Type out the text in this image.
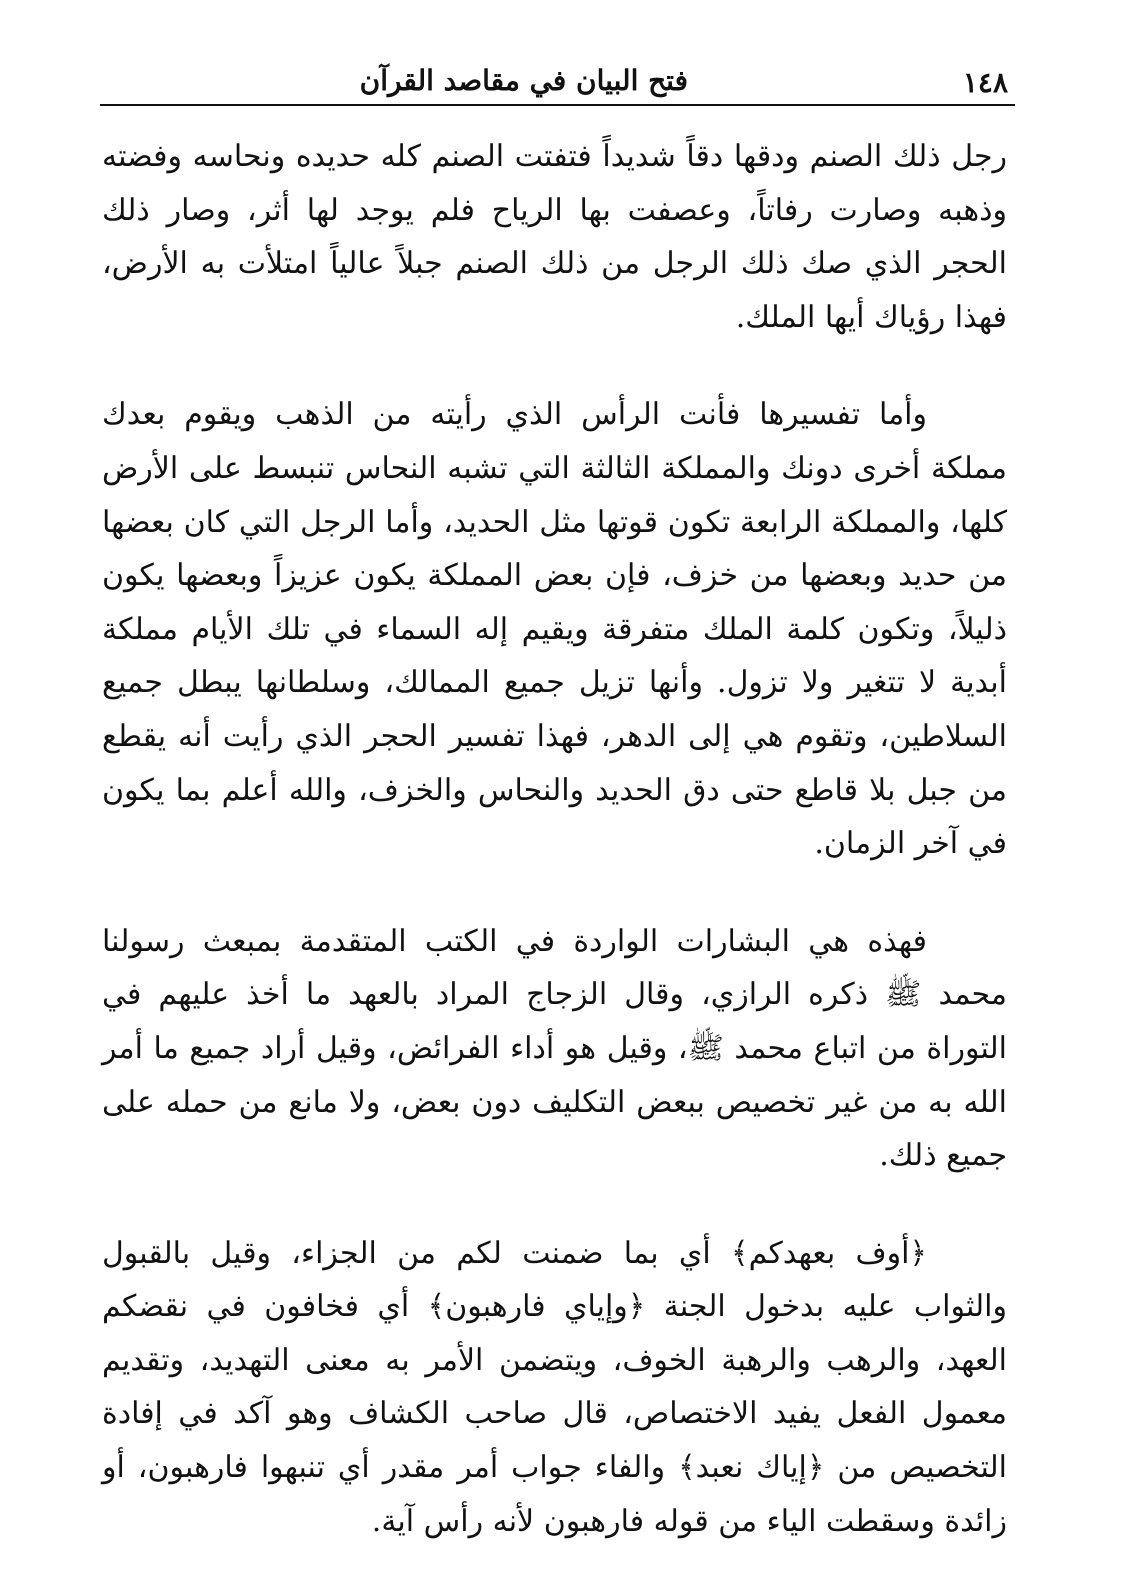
١٤٨
فتح البيان في مقاصد القرآن

رجل ذلك الصنم ودقها دقاً شديداً فتفتت الصنم كله حديده ونحاسه وفضته وذهبه وصارت رفاتاً، وعصفت بها الرياح فلم يوجد لها أثر، وصار ذلك الحجر الذي صك ذلك الرجل من ذلك الصنم جبلاً عالياً امتلأت به الأرض، فهذا رؤياك أيها الملك.

وأما تفسيرها فأنت الرأس الذي رأيته من الذهب ويقوم بعدك مملكة أخرى دونك والمملكة الثالثة التي تشبه النحاس تنبسط على الأرض كلها، والمملكة الرابعة تكون قوتها مثل الحديد، وأما الرجل التي كان بعضها من حديد وبعضها من خزف، فإن بعض المملكة يكون عزيزاً وبعضها يكون ذليلاً، وتكون كلمة الملك متفرقة ويقيم إله السماء في تلك الأيام مملكة أبدية لا تتغير ولا تزول. وأنها تزيل جميع الممالك، وسلطانها يبطل جميع السلاطين، وتقوم هي إلى الدهر، فهذا تفسير الحجر الذي رأيت أنه يقطع من جبل بلا قاطع حتى دق الحديد والنحاس والخزف، والله أعلم بما يكون في آخر الزمان.

فهذه هي البشارات الواردة في الكتب المتقدمة بمبعث رسولنا محمد ﷺ ذكره الرازي، وقال الزجاج المراد بالعهد ما أخذ عليهم في التوراة من اتباع محمد ﷺ، وقيل هو أداء الفرائض، وقيل أراد جميع ما أمر الله به من غير تخصيص ببعض التكليف دون بعض، ولا مانع من حمله على جميع ذلك.

﴿أوف بعهدكم﴾ أي بما ضمنت لكم من الجزاء، وقيل بالقبول والثواب عليه بدخول الجنة ﴿وإياي فارهبون﴾ أي فخافون في نقضكم العهد، والرهب والرهبة الخوف، ويتضمن الأمر به معنى التهديد، وتقديم معمول الفعل يفيد الاختصاص، قال صاحب الكشاف وهو آكد في إفادة التخصيص من ﴿إياك نعبد﴾ والفاء جواب أمر مقدر أي تنبهوا فارهبون، أو زائدة وسقطت الياء من قوله فارهبون لأنه رأس آية.
